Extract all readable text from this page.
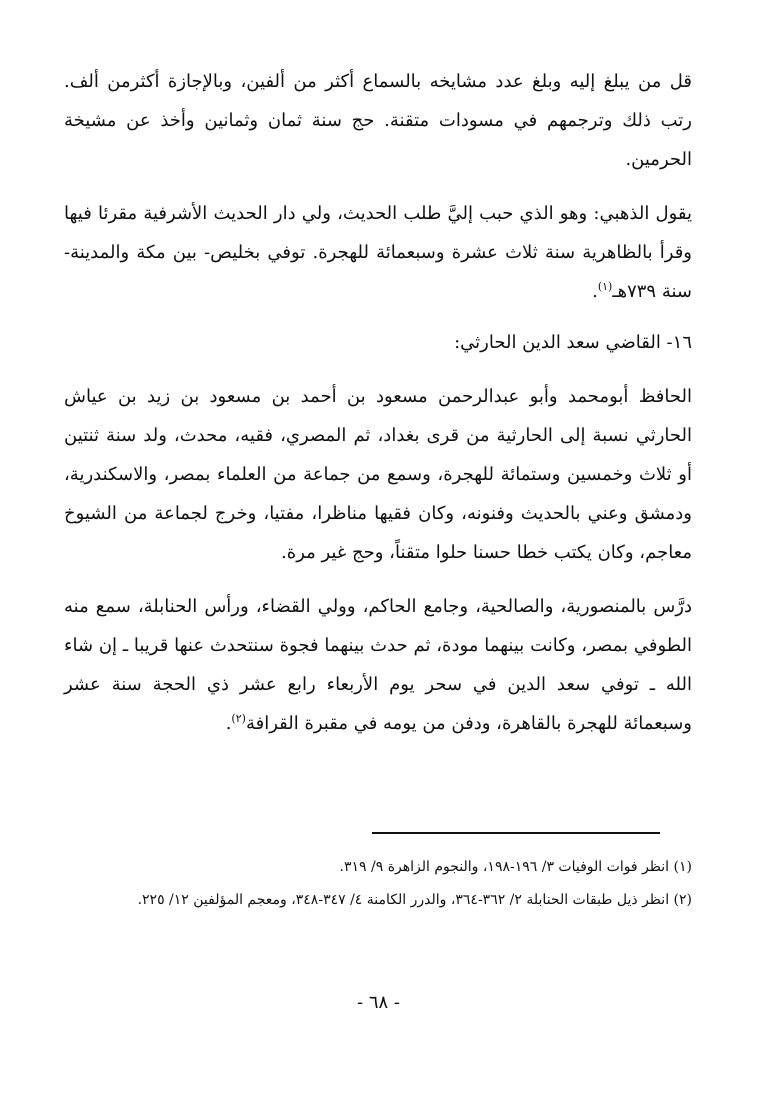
قل من يبلغ إليه وبلغ عدد مشايخه بالسماع أكثر من ألفين، وبالإجازة أكثرمن ألف. رتب ذلك وترجمهم في مسودات متقنة. حج سنة ثمان وثمانين وأخذ عن مشيخة الحرمين.

يقول الذهبي: وهو الذي حبب إليَّ طلب الحديث، ولي دار الحديث الأشرفية مقرئا فيها وقرأ بالظاهرية سنة ثلاث عشرة وسبعمائة للهجرة. توفي بخليص- بين مكة والمدينة- سنة ٧٣٩هـ$^{(١)}$.

١٦- القاضي سعد الدين الحارثي:

الحافظ أبومحمد وأبو عبدالرحمن مسعود بن أحمد بن مسعود بن زيد بن عياش الحارثي نسبة إلى الحارثية من قرى بغداد، ثم المصري، فقيه، محدث، ولد سنة ثنتين أو ثلاث وخمسين وستمائة للهجرة، وسمع من جماعة من العلماء بمصر، والاسكندرية، ودمشق وعني بالحديث وفنونه، وكان فقيها مناظرا، مفتيا، وخرج لجماعة من الشيوخ معاجم، وكان يكتب خطا حسنا حلوا متقناً، وحج غير مرة.

درَّس بالمنصورية، والصالحية، وجامع الحاكم، وولي القضاء، ورأس الحنابلة، سمع منه الطوفي بمصر، وكانت بينهما مودة، ثم حدث بينهما فجوة سنتحدث عنها قريبا ـ إن شاء الله ـ توفي سعد الدين في سحر يوم الأربعاء رابع عشر ذي الحجة سنة عشر وسبعمائة للهجرة بالقاهرة، ودفن من يومه في مقبرة القرافة$^{(٢)}$.

(١) انظر فوات الوفيات ٣/ ١٩٦-١٩٨، والنجوم الزاهرة ٩/ ٣١٩.

(٢) انظر ذيل طبقات الحنابلة ٢/ ٣٦٢-٣٦٤، والدرر الكامنة ٤/ ٣٤٧-٣٤٨، ومعجم المؤلفين ١٢/ ٢٢٥.

- ٦٨ -
